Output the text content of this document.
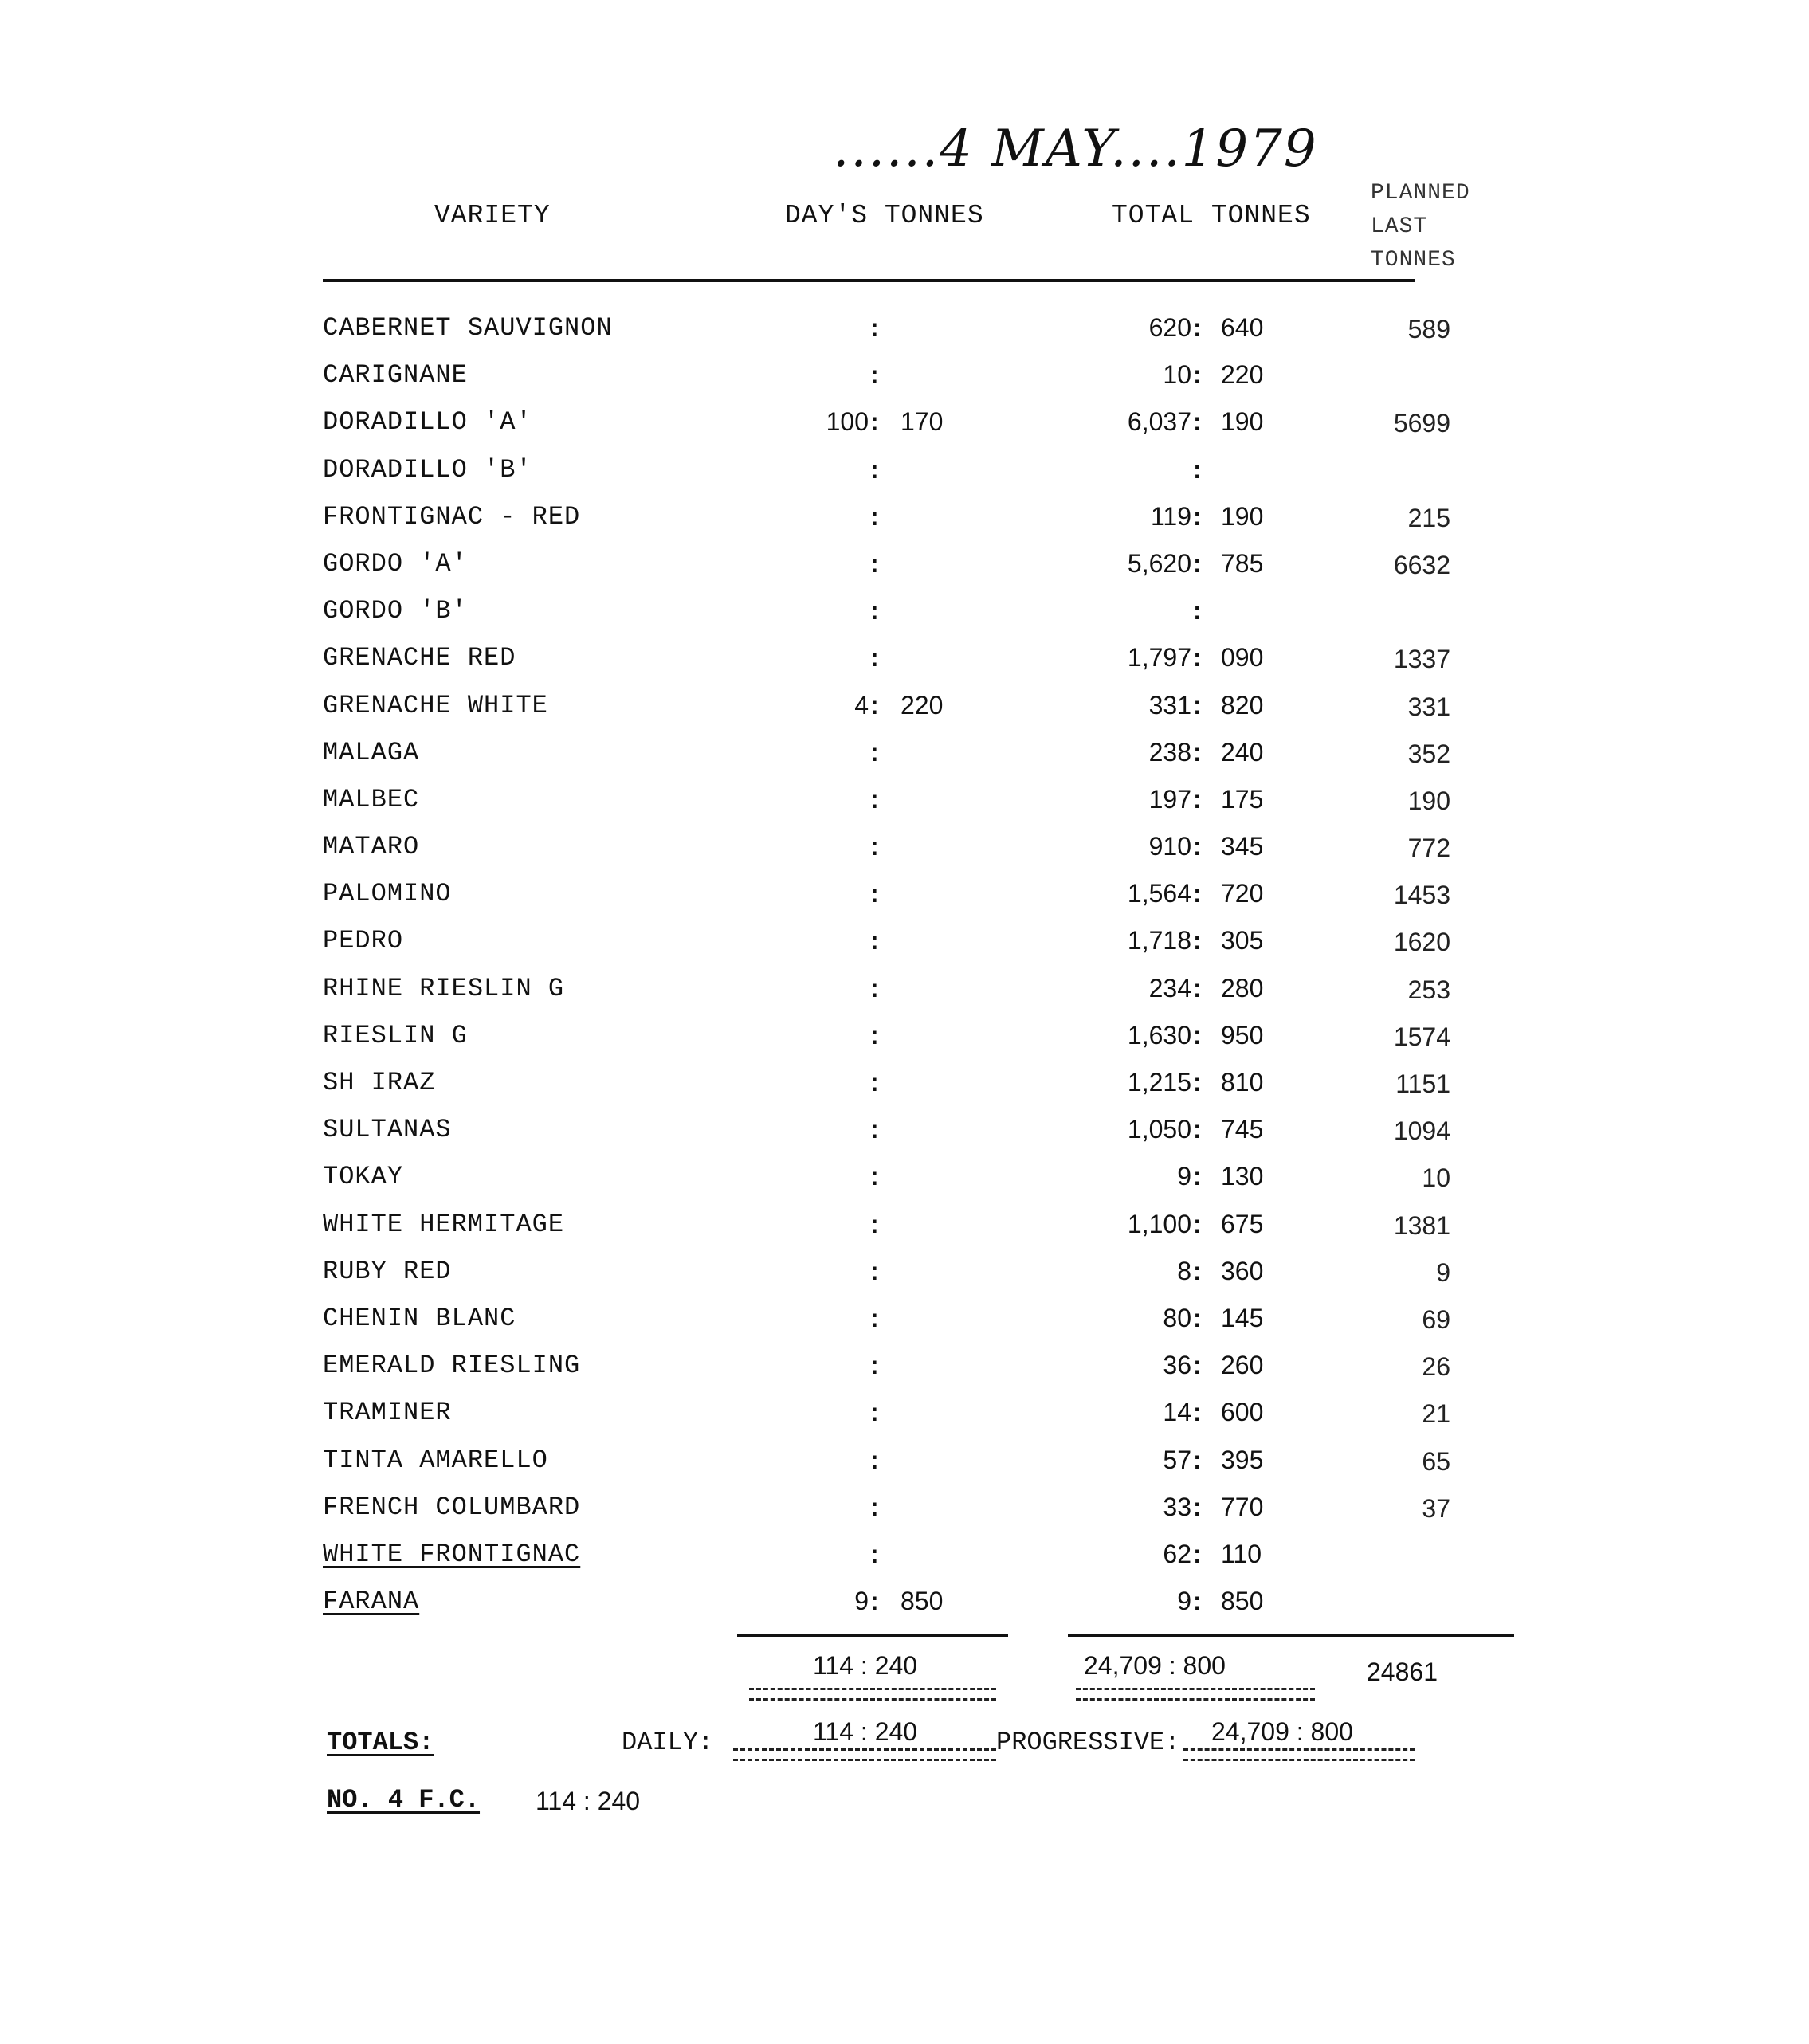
......4 MAY....1979
VARIETY	DAY'S TONNES	TOTAL TONNES
PLANNED
LAST
TONNES
CABERNET SAUVIGNON	:	620 : 640	589
CARIGNANE	:	10 : 220
DORADILLO 'A'	100 : 170	6,037 : 190	5699
DORADILLO 'B'	:	:
FRONTIGNAC - RED	:	119 : 190	215
GORDO 'A'	:	5,620 : 785	6632
GORDO 'B'	:	:
GRENACHE RED	:	1,797 : 090	1337
GRENACHE WHITE	4 : 220	331 : 820	331
MALAGA	:	238 : 240	352
MALBEC	:	197 : 175	190
MATARO	:	910 : 345	772
PALOMINO	:	1,564 : 720	1453
PEDRO	:	1,718 : 305	1620
RHINE RIESLIN G	:	234 : 280	253
RIESLIN G	:	1,630 : 950	1574
SH IRAZ	:	1,215 : 810	1151
SULTANAS	:	1,050 : 745	1094
TOKAY	:	9 : 130	10
WHITE HERMITAGE	:	1,100 : 675	1381
RUBY RED	:	8 : 360	9
CHENIN BLANC	:	80 : 145	69
EMERALD RIESLING	:	36 : 260	26
TRAMINER	:	14 : 600	21
TINTA AMARELLO	:	57 : 395	65
FRENCH COLUMBARD	:	33 : 770	37
WHITE FRONTIGNAC	:	62 : 110
FARANA	9 : 850	9 : 850
114 : 240	24,709 : 800	24861
TOTALS:	DAILY:	114 : 240	PROGRESSIVE: 24,709 : 800
NO. 4 F.C. 114 : 240
